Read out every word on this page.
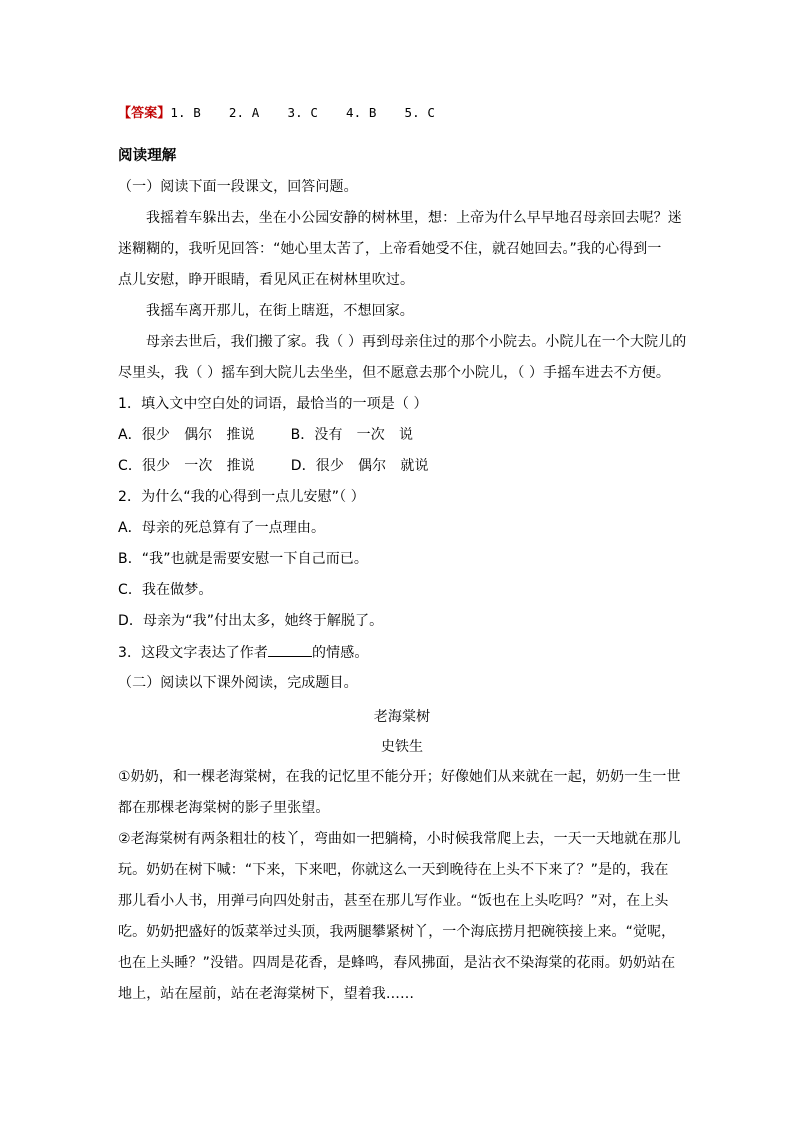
【答案】1. B 2. A 3. C 4. B 5. C
阅读理解
（一）阅读下面一段课文，回答问题。
我摇着车躲出去，坐在小公园安静的树林里，想：上帝为什么早早地召母亲回去呢？迷
迷糊糊的，我听见回答：“她心里太苦了，上帝看她受不住，就召她回去。”我的心得到一
点儿安慰，睁开眼睛，看见风正在树林里吹过。
我摇车离开那儿，在街上瞎逛，不想回家。
母亲去世后，我们搬了家。我（ ）再到母亲住过的那个小院去。小院儿在一个大院儿的
尽里头，我（ ）摇车到大院儿去坐坐，但不愿意去那个小院儿，（ ）手摇车进去不方便。
1．填入文中空白处的词语，最恰当的一项是（ ）
A．很少　偶尔　推说	B．没有　一次　说
C．很少　一次　推说	D．很少　偶尔　就说
2．为什么“我的心得到一点儿安慰”（ ）
A．母亲的死总算有了一点理由。
B．“我”也就是需要安慰一下自己而已。
C．我在做梦。
D．母亲为“我”付出太多，她终于解脱了。
3．这段文字表达了作者	的情感。
（二）阅读以下课外阅读，完成题目。
老海棠树
史铁生
①奶奶，和一棵老海棠树，在我的记忆里不能分开；好像她们从来就在一起，奶奶一生一世
都在那棵老海棠树的影子里张望。
②老海棠树有两条粗壮的枝丫，弯曲如一把躺椅，小时候我常爬上去，一天一天地就在那儿
玩。奶奶在树下喊：“下来，下来吧，你就这么一天到晚待在上头不下来了？”是的，我在
那儿看小人书，用弹弓向四处射击，甚至在那儿写作业。“饭也在上头吃吗？”对，在上头
吃。奶奶把盛好的饭菜举过头顶，我两腿攀紧树丫，一个海底捞月把碗筷接上来。“觉呢，
也在上头睡？”没错。四周是花香，是蜂鸣，春风拂面，是沾衣不染海棠的花雨。奶奶站在
地上，站在屋前，站在老海棠树下，望着我……
